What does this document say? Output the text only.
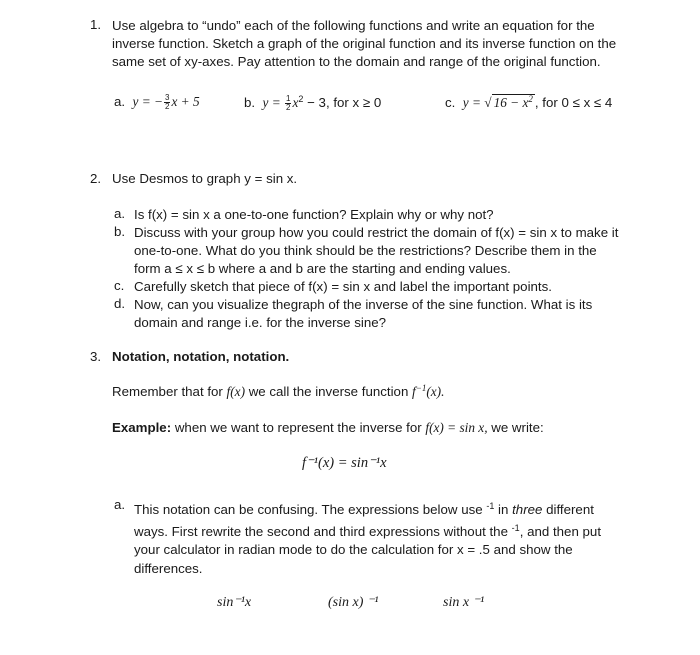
1. Use algebra to “undo” each of the following functions and write an equation for the
inverse function. Sketch a graph of the original function and its inverse function on the
same set of xy-axes. Pay attention to the domain and range of the original function.
a. y = − $\frac{3}{2}$ x + 5	b. $y = \frac{1}{2} x^2 - 3$, for x ≥ 0	c. y = √ $16 - x^2$ , for 0 ≤ x ≤ 4
2. Use Desmos to graph y = sin x.
a. Is f(x) = sin x a one-to-one function? Explain why or why not?
b. Discuss with your group how you could restrict the domain of f(x) = sin x to make it
one-to-one. What do you think should be the restrictions? Describe them in the
form a ≤ x ≤ b where a and b are the starting and ending values.
c. Carefully sketch that piece of f(x) = sin x and label the important points.
d. Now, can you visualize thegraph of the inverse of the sine function. What is its
domain and range i.e. for the inverse sine?
3. Notation, notation, notation.
Remember that for f(x) we call the inverse function $f^{-1}(x)$.
Example: when we want to represent the inverse for f(x) = sin x, we write:
f⁻¹(x) = sin⁻¹x
a. This notation can be confusing. The expressions below use $^{-1}$ in three different
ways. First rewrite the second and third expressions without the $^{-1}$, and then put
your calculator in radian mode to do the calculation for x = .5 and show the
differences.
sin⁻¹x	(sin x) ⁻¹	sin x ⁻¹
